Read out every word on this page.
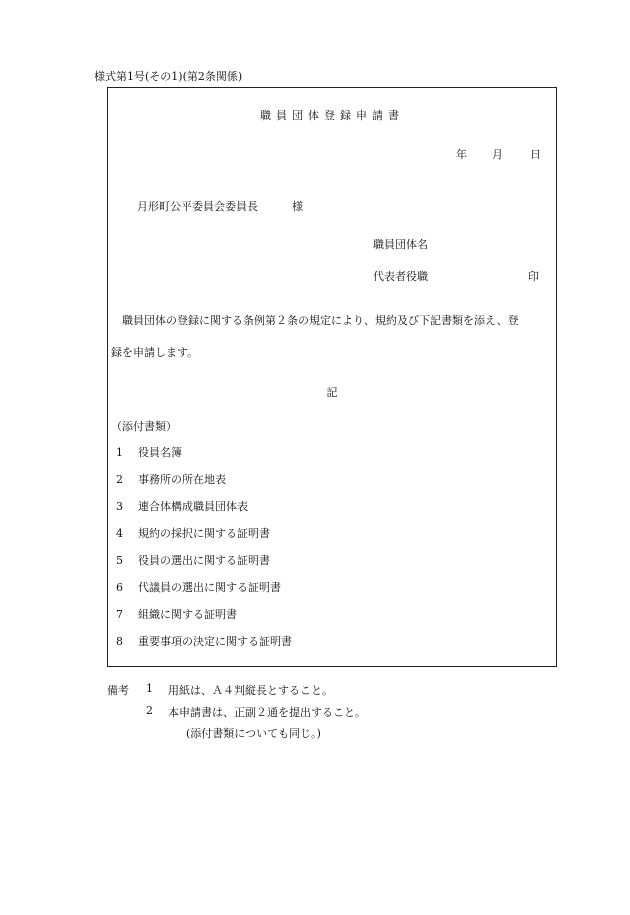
様式第1号(その1)(第2条関係)
職員団体登録申請書
年 月 日
月形町公平委員会委員長	様
職員団体名
代表者役職	印
職員団体の登録に関する条例第２条の規定により、規約及び下記書類を添え、登
録を申請します。
記
（添付書類）
1 役員名簿
2 事務所の所在地表
3 連合体構成職員団体表
4 規約の採択に関する証明書
5 役員の選出に関する証明書
6 代議員の選出に関する証明書
7 組織に関する証明書
8 重要事項の決定に関する証明書
備考 1 用紙は、Ａ４判縦長とすること。
2 本申請書は、正副２通を提出すること。
(添付書類についても同じ。)
